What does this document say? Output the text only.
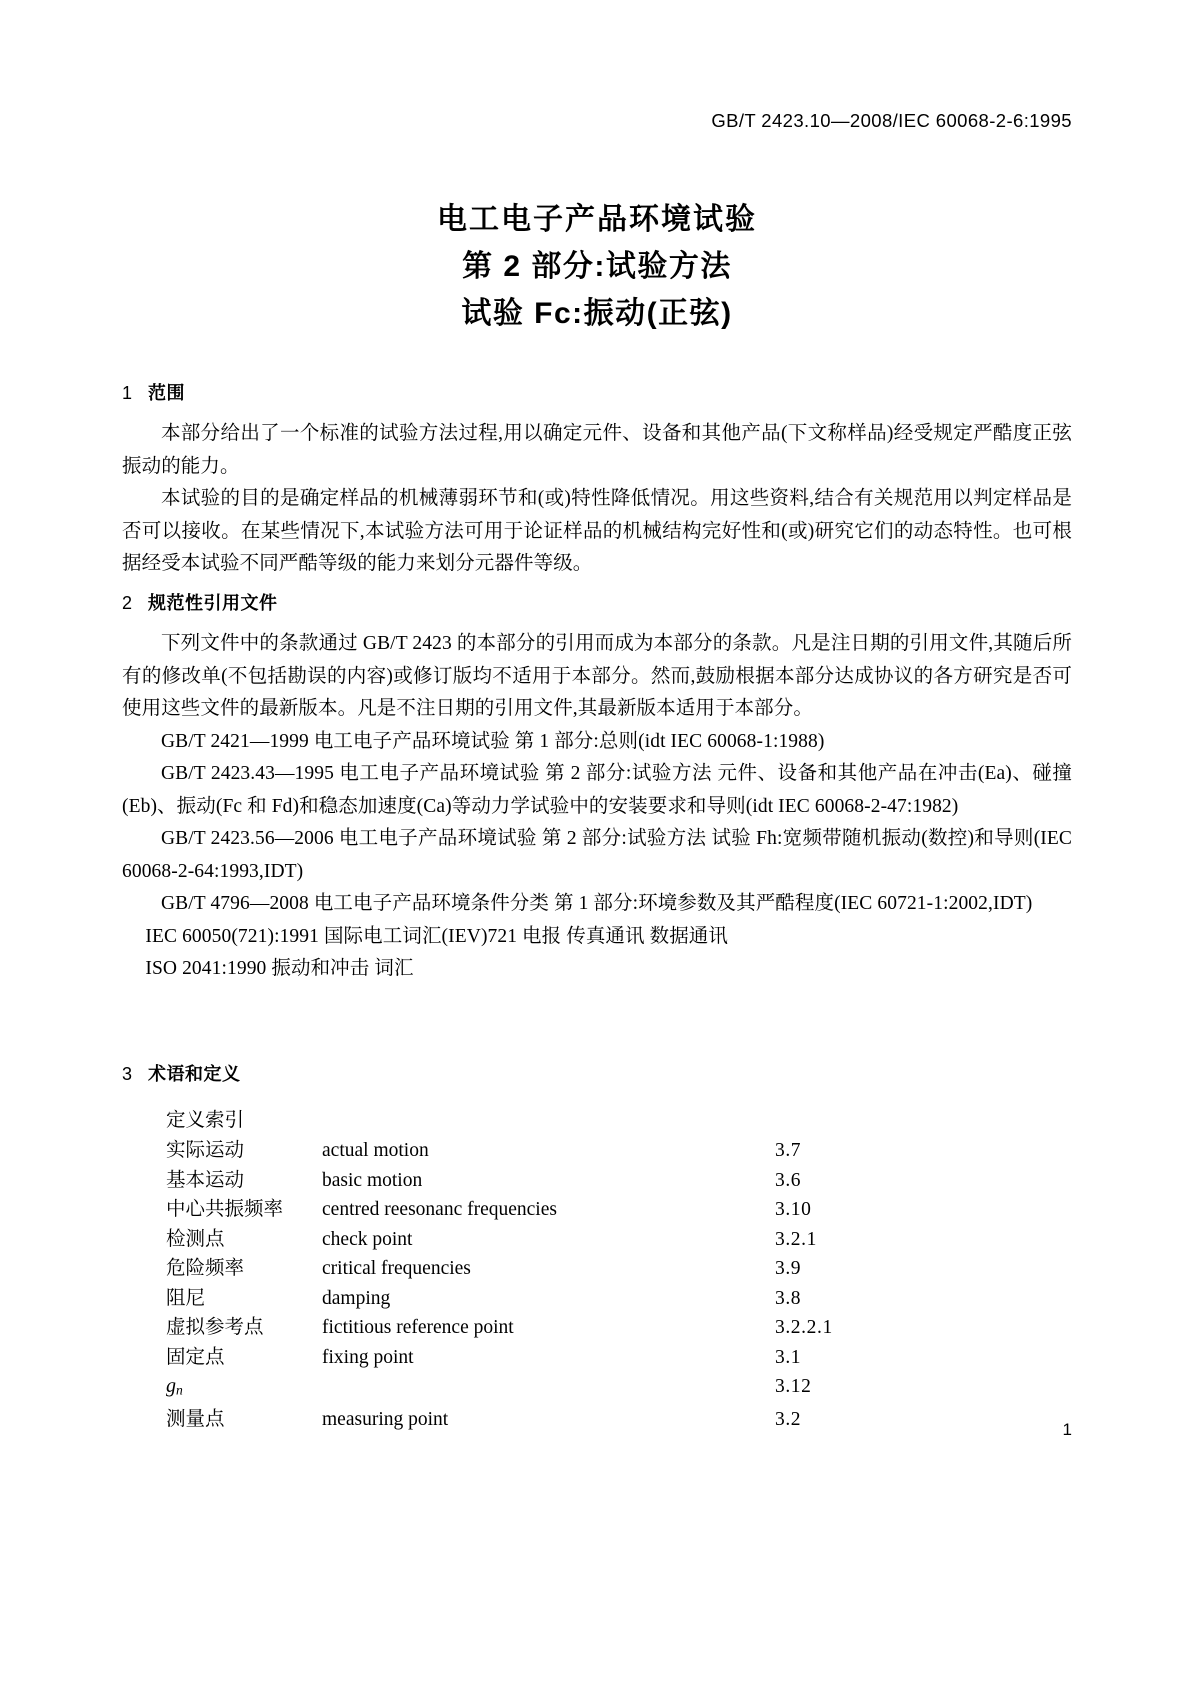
GB/T 2423.10—2008/IEC 60068-2-6:1995
电工电子产品环境试验
第 2 部分:试验方法
试验 Fc:振动(正弦)
1 范围
本部分给出了一个标准的试验方法过程,用以确定元件、设备和其他产品(下文称样品)经受规定严酷度正弦振动的能力。
本试验的目的是确定样品的机械薄弱环节和(或)特性降低情况。用这些资料,结合有关规范用以判定样品是否可以接收。在某些情况下,本试验方法可用于论证样品的机械结构完好性和(或)研究它们的动态特性。也可根据经受本试验不同严酷等级的能力来划分元器件等级。
2 规范性引用文件
下列文件中的条款通过 GB/T 2423 的本部分的引用而成为本部分的条款。凡是注日期的引用文件,其随后所有的修改单(不包括勘误的内容)或修订版均不适用于本部分。然而,鼓励根据本部分达成协议的各方研究是否可使用这些文件的最新版本。凡是不注日期的引用文件,其最新版本适用于本部分。
GB/T 2421—1999 电工电子产品环境试验 第 1 部分:总则(idt IEC 60068-1:1988)
GB/T 2423.43—1995 电工电子产品环境试验 第 2 部分:试验方法 元件、设备和其他产品在冲击(Ea)、碰撞(Eb)、振动(Fc 和 Fd)和稳态加速度(Ca)等动力学试验中的安装要求和导则(idt IEC 60068-2-47:1982)
GB/T 2423.56—2006 电工电子产品环境试验 第 2 部分:试验方法 试验 Fh:宽频带随机振动(数控)和导则(IEC 60068-2-64:1993,IDT)
GB/T 4796—2008 电工电子产品环境条件分类 第 1 部分:环境参数及其严酷程度(IEC 60721-1:2002,IDT)
IEC 60050(721):1991 国际电工词汇(IEV)721 电报 传真通讯 数据通讯
ISO 2041:1990 振动和冲击 词汇
3 术语和定义
定义索引
实际运动	actual motion	3.7
基本运动	basic motion	3.6
中心共振频率	centred reesonanc frequencies	3.10
检测点	check point	3.2.1
危险频率	critical frequencies	3.9
阻尼	damping	3.8
虚拟参考点	fictitious reference point	3.2.2.1
固定点	fixing point	3.1
gn		3.12
测量点	measuring point	3.2	1
